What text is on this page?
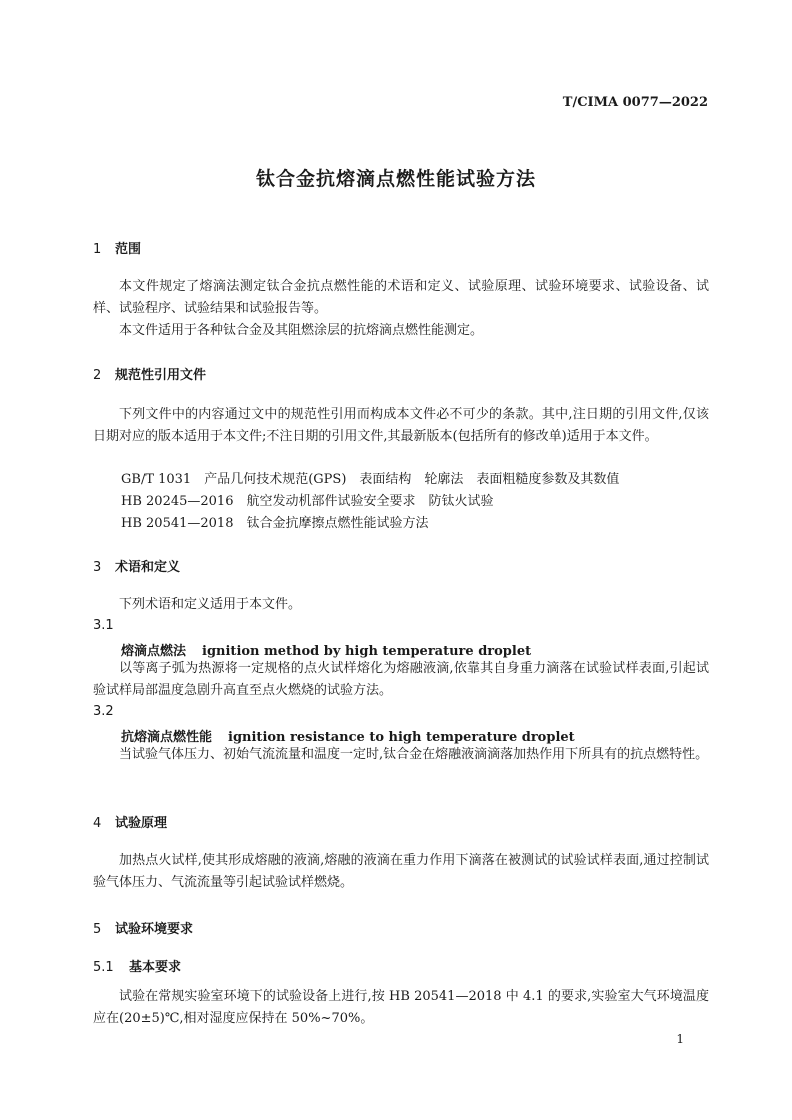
T/CIMA 0077—2022
钛合金抗熔滴点燃性能试验方法
1 范围
本文件规定了熔滴法测定钛合金抗点燃性能的术语和定义、试验原理、试验环境要求、试验设备、试样、试验程序、试验结果和试验报告等。
本文件适用于各种钛合金及其阻燃涂层的抗熔滴点燃性能测定。
2 规范性引用文件
下列文件中的内容通过文中的规范性引用而构成本文件必不可少的条款。其中,注日期的引用文件,仅该日期对应的版本适用于本文件;不注日期的引用文件,其最新版本(包括所有的修改单)适用于本文件。
GB/T 1031　产品几何技术规范(GPS)　表面结构　轮廓法　表面粗糙度参数及其数值
HB 20245—2016　航空发动机部件试验安全要求　防钛火试验
HB 20541—2018　钛合金抗摩擦点燃性能试验方法
3 术语和定义
下列术语和定义适用于本文件。
3.1
熔滴点燃法 ignition method by high temperature droplet
以等离子弧为热源将一定规格的点火试样熔化为熔融液滴,依靠其自身重力滴落在试验试样表面,引起试验试样局部温度急剧升高直至点火燃烧的试验方法。
3.2
抗熔滴点燃性能 ignition resistance to high temperature droplet
当试验气体压力、初始气流流量和温度一定时,钛合金在熔融液滴滴落加热作用下所具有的抗点燃特性。
4 试验原理
加热点火试样,使其形成熔融的液滴,熔融的液滴在重力作用下滴落在被测试的试验试样表面,通过控制试验气体压力、气流流量等引起试验试样燃烧。
5 试验环境要求
5.1 基本要求
试验在常规实验室环境下的试验设备上进行,按 HB 20541—2018 中 4.1 的要求,实验室大气环境温度应在(20±5)℃,相对湿度应保持在 50%~70%。
1
